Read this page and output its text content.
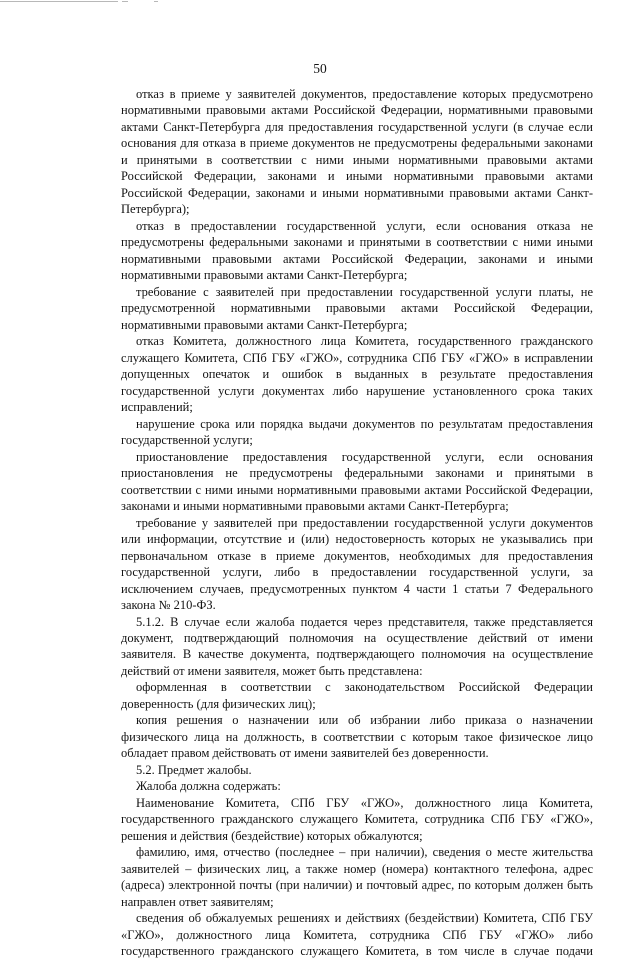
50

отказ в приеме у заявителей документов, предоставление которых предусмотрено нормативными правовыми актами Российской Федерации, нормативными правовыми актами Санкт-Петербурга для предоставления государственной услуги (в случае если основания для отказа в приеме документов не предусмотрены федеральными законами и принятыми в соответствии с ними иными нормативными правовыми актами Российской Федерации, законами и иными нормативными правовыми актами Российской Федерации, законами и иными нормативными правовыми актами Санкт-Петербурга);

отказ в предоставлении государственной услуги, если основания отказа не предусмотрены федеральными законами и принятыми в соответствии с ними иными нормативными правовыми актами Российской Федерации, законами и иными нормативными правовыми актами Санкт-Петербурга;

требование с заявителей при предоставлении государственной услуги платы, не предусмотренной нормативными правовыми актами Российской Федерации, нормативными правовыми актами Санкт-Петербурга;

отказ Комитета, должностного лица Комитета, государственного гражданского служащего Комитета, СПб ГБУ «ГЖО», сотрудника СПб ГБУ «ГЖО» в исправлении допущенных опечаток и ошибок в выданных в результате предоставления государственной услуги документах либо нарушение установленного срока таких исправлений;

нарушение срока или порядка выдачи документов по результатам предоставления государственной услуги;

приостановление предоставления государственной услуги, если основания приостановления не предусмотрены федеральными законами и принятыми в соответствии с ними иными нормативными правовыми актами Российской Федерации, законами и иными нормативными правовыми актами Санкт-Петербурга;

требование у заявителей при предоставлении государственной услуги документов или информации, отсутствие и (или) недостоверность которых не указывались при первоначальном отказе в приеме документов, необходимых для предоставления государственной услуги, либо в предоставлении государственной услуги, за исключением случаев, предусмотренных пунктом 4 части 1 статьи 7 Федерального закона № 210-ФЗ.

5.1.2. В случае если жалоба подается через представителя, также представляется документ, подтверждающий полномочия на осуществление действий от имени заявителя. В качестве документа, подтверждающего полномочия на осуществление действий от имени заявителя, может быть представлена:

оформленная в соответствии с законодательством Российской Федерации доверенность (для физических лиц);

копия решения о назначении или об избрании либо приказа о назначении физического лица на должность, в соответствии с которым такое физическое лицо обладает правом действовать от имени заявителей без доверенности.

5.2. Предмет жалобы.

Жалоба должна содержать:

Наименование Комитета, СПб ГБУ «ГЖО», должностного лица Комитета, государственного гражданского служащего Комитета, сотрудника СПб ГБУ «ГЖО», решения и действия (бездействие) которых обжалуются;

фамилию, имя, отчество (последнее – при наличии), сведения о месте жительства заявителей – физических лиц, а также номер (номера) контактного телефона, адрес (адреса) электронной почты (при наличии) и почтовый адрес, по которым должен быть направлен ответ заявителям;

сведения об обжалуемых решениях и действиях (бездействии) Комитета, СПб ГБУ «ГЖО», должностного лица Комитета, сотрудника СПб ГБУ «ГЖО» либо государственного гражданского служащего Комитета, в том числе в случае подачи
